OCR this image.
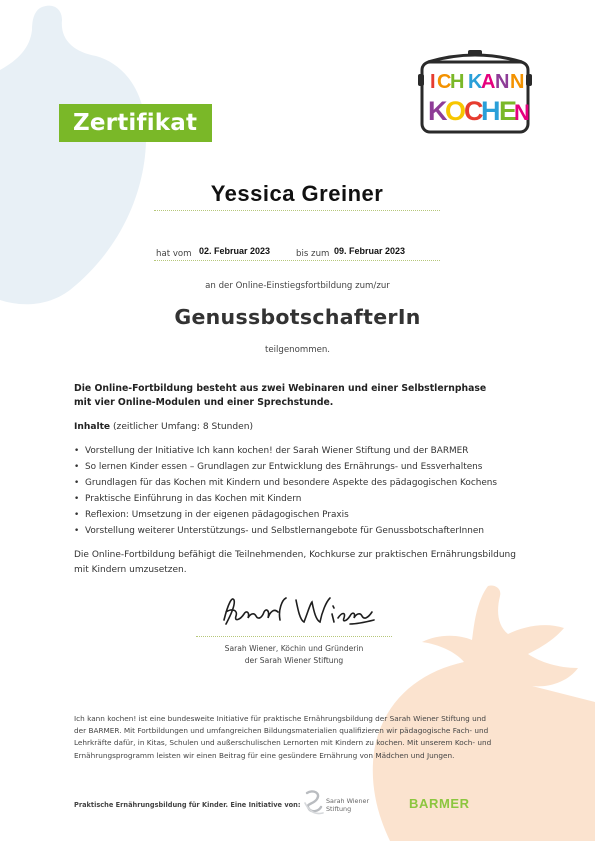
Zertifikat
I C
H K
A N N
K
O
C
H
E
N
Yessica Greiner
hat vom 02. Februar 2023	bis zum 09. Februar 2023
an der Online-Einstiegsfortbildung zum/zur
GenussbotschafterIn
teilgenommen.
Die Online-Fortbildung besteht aus zwei Webinaren und einer Selbstlernphase
mit vier Online-Modulen und einer Sprechstunde.
Inhalte (zeitlicher Umfang: 8 Stunden)
• Vorstellung der Initiative Ich kann kochen! der Sarah Wiener Stiftung und der BARMER
• So lernen Kinder essen – Grundlagen zur Entwicklung des Ernährungs- und Essverhaltens
• Grundlagen für das Kochen mit Kindern und besondere Aspekte des pädagogischen Kochens
• Praktische Einführung in das Kochen mit Kindern
• Reflexion: Umsetzung in der eigenen pädagogischen Praxis
• Vorstellung weiterer Unterstützungs- und Selbstlernangebote für GenussbotschafterInnen
Die Online-Fortbildung befähigt die Teilnehmenden, Kochkurse zur praktischen Ernährungsbildung
mit Kindern umzusetzen.
Sarah Wiener, Köchin und Gründerin
der Sarah Wiener Stiftung
Ich kann kochen! ist eine bundesweite Initiative für praktische Ernährungsbildung der Sarah Wiener Stiftung und
der BARMER. Mit Fortbildungen und umfangreichen Bildungsmaterialien qualifizieren wir pädagogische Fach- und
Lehrkräfte dafür, in Kitas, Schulen und außerschulischen Lernorten mit Kindern zu kochen. Mit unserem Koch- und
Ernährungsprogramm leisten wir einen Beitrag für eine gesündere Ernährung von Mädchen und Jungen.
Praktische Ernährungsbildung für Kinder. Eine Initiative von:	Sarah Wiener
Stiftung	BARMER
